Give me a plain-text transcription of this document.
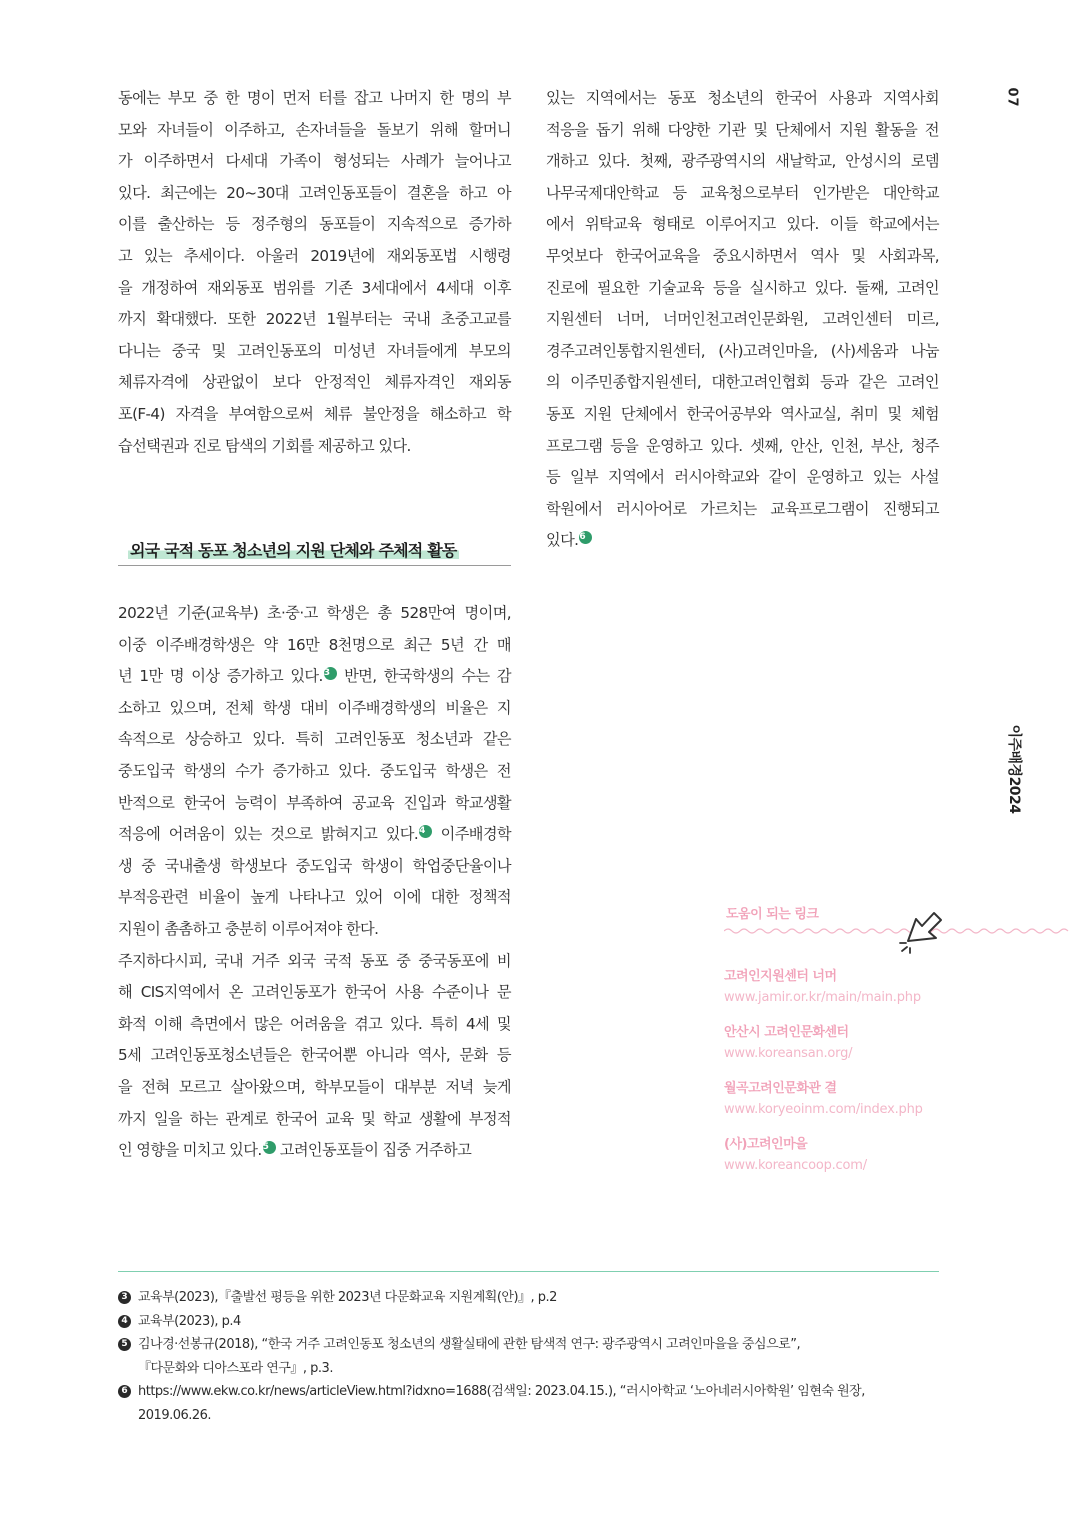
07
이주배경2024

동에는 부모 중 한 명이 먼저 터를 잡고 나머지 한 명의 부
모와 자녀들이 이주하고, 손자녀들을 돌보기 위해 할머니
가 이주하면서 다세대 가족이 형성되는 사례가 늘어나고
있다. 최근에는 20~30대 고려인동포들이 결혼을 하고 아
이를 출산하는 등 정주형의 동포들이 지속적으로 증가하
고 있는 추세이다. 아울러 2019년에 재외동포법 시행령
을 개정하여 재외동포 범위를 기존 3세대에서 4세대 이후
까지 확대했다. 또한 2022년 1월부터는 국내 초중고교를
다니는 중국 및 고려인동포의 미성년 자녀들에게 부모의
체류자격에 상관없이 보다 안정적인 체류자격인 재외동
포(F-4) 자격을 부여함으로써 체류 불안정을 해소하고 학
습선택권과 진로 탐색의 기회를 제공하고 있다.

외국 국적 동포 청소년의 지원 단체와 주체적 활동

2022년 기준(교육부) 초·중·고 학생은 총 528만여 명이며,
이중 이주배경학생은 약 16만 8천명으로 최근 5년 간 매
년 1만 명 이상 증가하고 있다.3 반면, 한국학생의 수는 감
소하고 있으며, 전체 학생 대비 이주배경학생의 비율은 지
속적으로 상승하고 있다. 특히 고려인동포 청소년과 같은
중도입국 학생의 수가 증가하고 있다. 중도입국 학생은 전
반적으로 한국어 능력이 부족하여 공교육 진입과 학교생활
적응에 어려움이 있는 것으로 밝혀지고 있다.4 이주배경학
생 중 국내출생 학생보다 중도입국 학생이 학업중단율이나
부적응관련 비율이 높게 나타나고 있어 이에 대한 정책적
지원이 촘촘하고 충분히 이루어져야 한다.

주지하다시피, 국내 거주 외국 국적 동포 중 중국동포에 비
해 CIS지역에서 온 고려인동포가 한국어 사용 수준이나 문
화적 이해 측면에서 많은 어려움을 겪고 있다. 특히 4세 및
5세 고려인동포청소년들은 한국어뿐 아니라 역사, 문화 등
을 전혀 모르고 살아왔으며, 학부모들이 대부분 저녁 늦게
까지 일을 하는 관계로 한국어 교육 및 학교 생활에 부정적
인 영향을 미치고 있다.5 고려인동포들이 집중 거주하고

있는 지역에서는 동포 청소년의 한국어 사용과 지역사회
적응을 돕기 위해 다양한 기관 및 단체에서 지원 활동을 전
개하고 있다. 첫째, 광주광역시의 새날학교, 안성시의 로뎀
나무국제대안학교 등 교육청으로부터 인가받은 대안학교
에서 위탁교육 형태로 이루어지고 있다. 이들 학교에서는
무엇보다 한국어교육을 중요시하면서 역사 및 사회과목,
진로에 필요한 기술교육 등을 실시하고 있다. 둘째, 고려인
지원센터 너머, 너머인천고려인문화원, 고려인센터 미르,
경주고려인통합지원센터, (사)고려인마을, (사)세움과 나눔
의 이주민종합지원센터, 대한고려인협회 등과 같은 고려인
동포 지원 단체에서 한국어공부와 역사교실, 취미 및 체험
프로그램 등을 운영하고 있다. 셋째, 안산, 인천, 부산, 청주
등 일부 지역에서 러시아학교와 같이 운영하고 있는 사설
학원에서 러시아어로 가르치는 교육프로그램이 진행되고
있다.6

도움이 되는 링크
고려인지원센터 너머
www.jamir.or.kr/main/main.php
안산시 고려인문화센터
www.koreansan.org/
월곡고려인문화관 결
www.koryeoinm.com/index.php
(사)고려인마을
www.koreancoop.com/
3 교육부(2023),『출발선 평등을 위한 2023년 다문화교육 지원계획(안)』, p.2
4 교육부(2023), p.4
5 김나경·선봉규(2018), “한국 거주 고려인동포 청소년의 생활실태에 관한 탐색적 연구: 광주광역시 고려인마을을 중심으로”,
『다문화와 디아스포라 연구』, p.3.
6 https://www.ekw.co.kr/news/articleView.html?idxno=1688(검색일: 2023.04.15.), “러시아학교 ‘노아네러시아학원’ 임현숙 원장,
2019.06.26.
